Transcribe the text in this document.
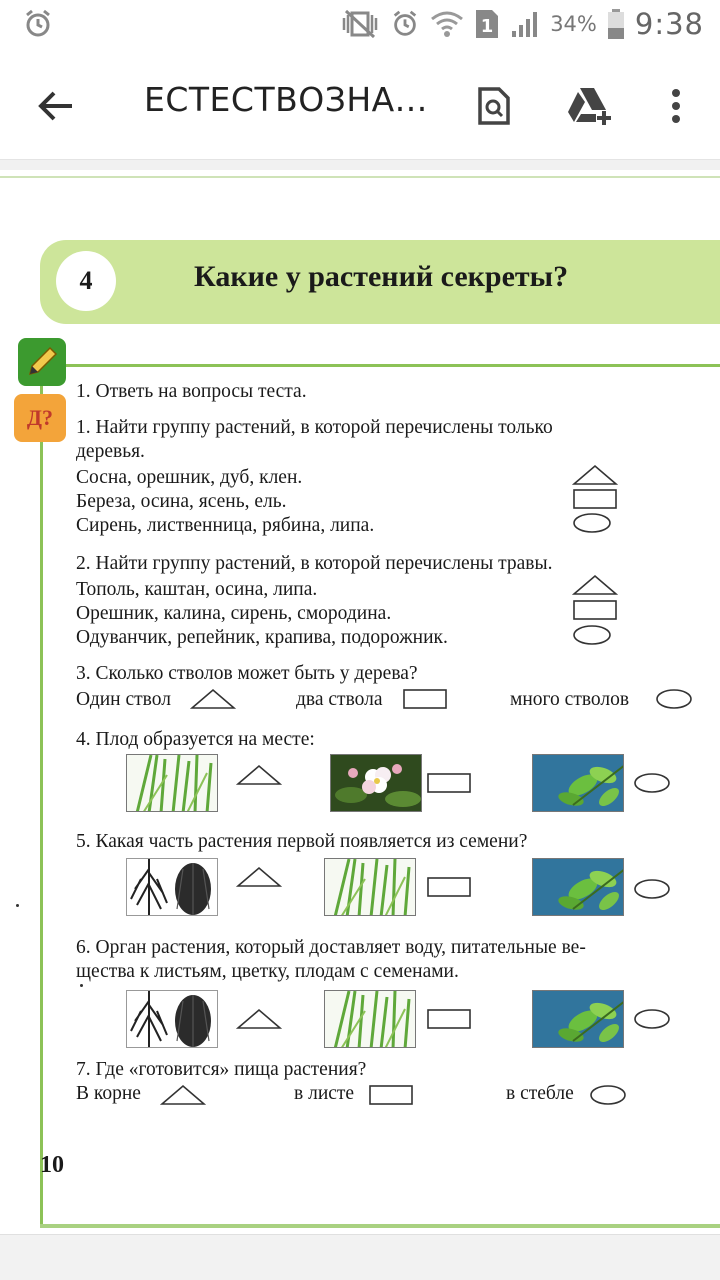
1	34% 9:38
ЕСТЕСТВОЗНА...
4	Какие у растений секреты?
Д?
1. Ответь на вопросы теста.
1. Найти группу растений, в которой перечислены только
деревья.
Сосна, орешник, дуб, клен.
Береза, осина, ясень, ель.
Сирень, лиственница, рябина, липа.
2. Найти группу растений, в которой перечислены травы.
Тополь, каштан, осина, липа.
Орешник, калина, сирень, смородина.
Одуванчик, репейник, крапива, подорожник.
3. Сколько стволов может быть у дерева?
Один ствол	два ствола	много стволов
4. Плод образуется на месте:
5. Какая часть растения первой появляется из семени?
6. Орган растения, который доставляет воду, питательные ве-
щества к листьям, цветку, плодам с семенами.
7. Где «готовится» пища растения?
В корне	в листе	в стебле
10
